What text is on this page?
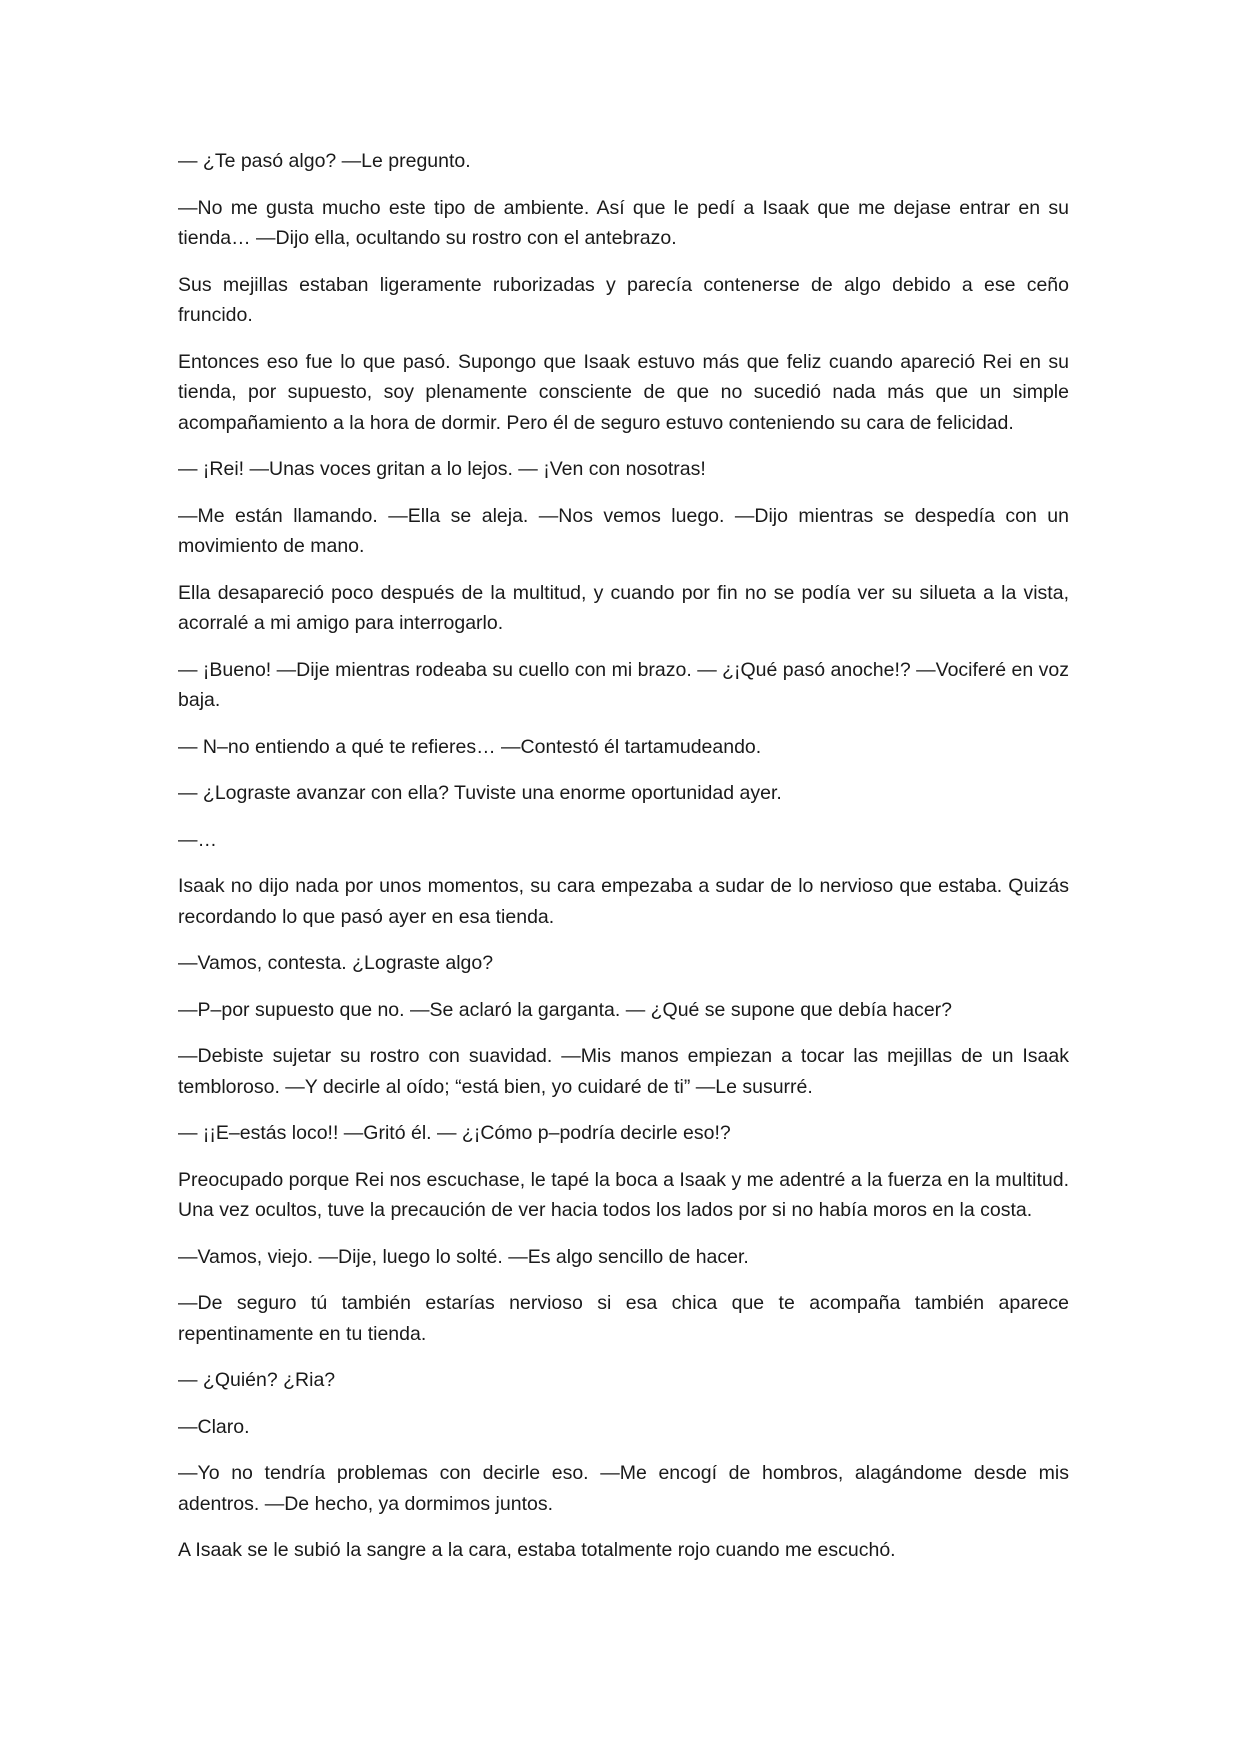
— ¿Te pasó algo? —Le pregunto.

—No me gusta mucho este tipo de ambiente. Así que le pedí a Isaak que me dejase entrar en su tienda… —Dijo ella, ocultando su rostro con el antebrazo.

Sus mejillas estaban ligeramente ruborizadas y parecía contenerse de algo debido a ese ceño fruncido.

Entonces eso fue lo que pasó. Supongo que Isaak estuvo más que feliz cuando apareció Rei en su tienda, por supuesto, soy plenamente consciente de que no sucedió nada más que un simple acompañamiento a la hora de dormir. Pero él de seguro estuvo conteniendo su cara de felicidad.

— ¡Rei! —Unas voces gritan a lo lejos. — ¡Ven con nosotras!

—Me están llamando. —Ella se aleja. —Nos vemos luego. —Dijo mientras se despedía con un movimiento de mano.

Ella desapareció poco después de la multitud, y cuando por fin no se podía ver su silueta a la vista, acorralé a mi amigo para interrogarlo.

— ¡Bueno! —Dije mientras rodeaba su cuello con mi brazo. — ¿¡Qué pasó anoche!? —Vociferé en voz baja.

— N–no entiendo a qué te refieres… —Contestó él tartamudeando.

— ¿Lograste avanzar con ella? Tuviste una enorme oportunidad ayer.

—…

Isaak no dijo nada por unos momentos, su cara empezaba a sudar de lo nervioso que estaba. Quizás recordando lo que pasó ayer en esa tienda.

—Vamos, contesta. ¿Lograste algo?

—P–por supuesto que no. —Se aclaró la garganta. — ¿Qué se supone que debía hacer?

—Debiste sujetar su rostro con suavidad. —Mis manos empiezan a tocar las mejillas de un Isaak tembloroso. —Y decirle al oído; “está bien, yo cuidaré de ti” —Le susurré.

— ¡¡E–estás loco!! —Gritó él. — ¿¡Cómo p–podría decirle eso!?

Preocupado porque Rei nos escuchase, le tapé la boca a Isaak y me adentré a la fuerza en la multitud. Una vez ocultos, tuve la precaución de ver hacia todos los lados por si no había moros en la costa.

—Vamos, viejo. —Dije, luego lo solté. —Es algo sencillo de hacer.

—De seguro tú también estarías nervioso si esa chica que te acompaña también aparece repentinamente en tu tienda.

— ¿Quién? ¿Ria?

—Claro.

—Yo no tendría problemas con decirle eso. —Me encogí de hombros, alagándome desde mis adentros. —De hecho, ya dormimos juntos.

A Isaak se le subió la sangre a la cara, estaba totalmente rojo cuando me escuchó.
